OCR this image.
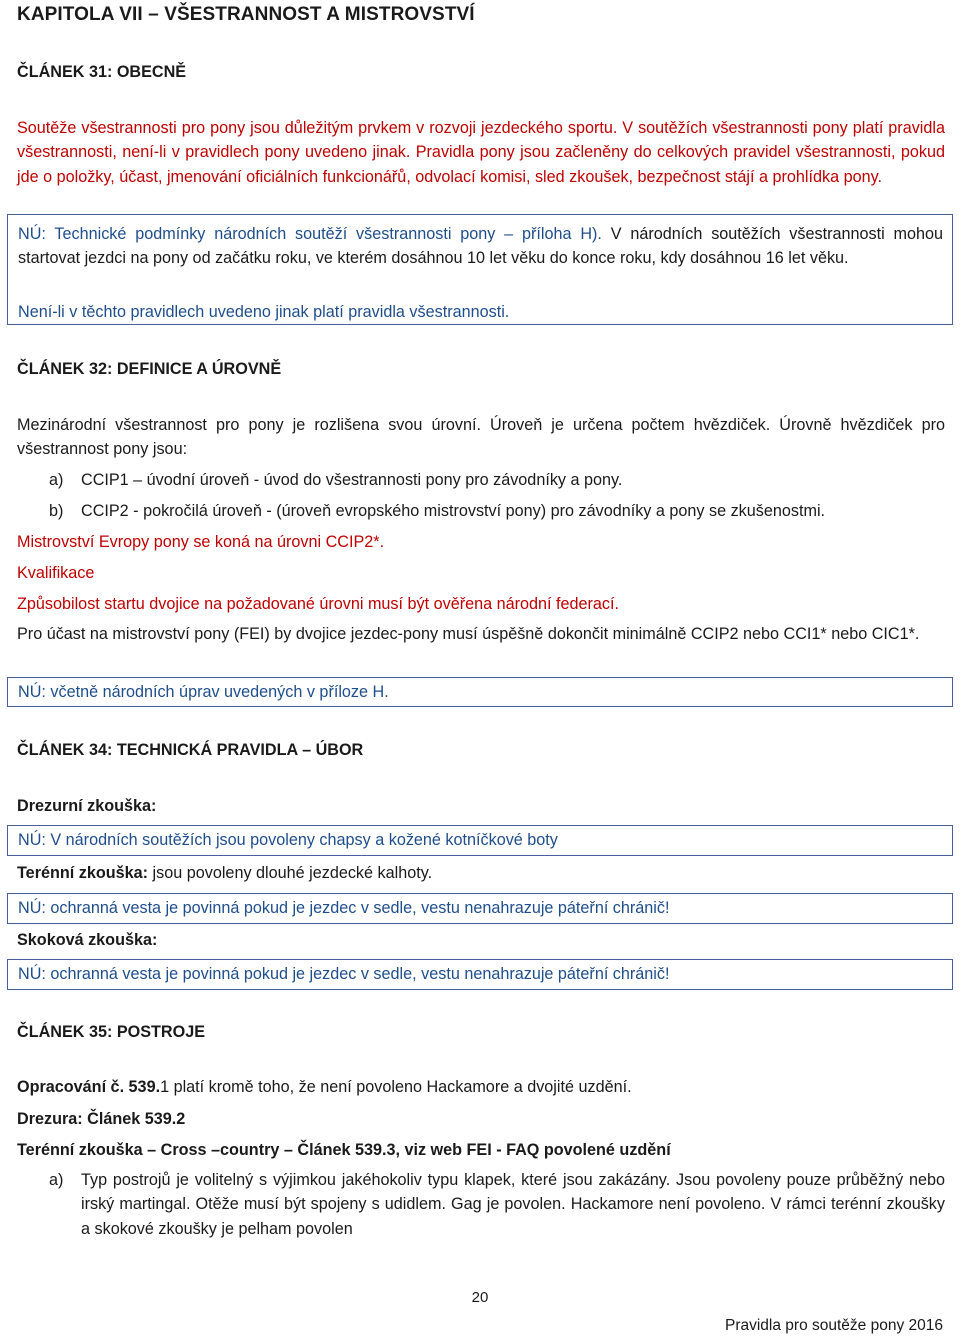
KAPITOLA VII – VŠESTRANNOST A MISTROVSTVÍ
ČLÁNEK 31: OBECNĚ
Soutěže všestrannosti pro pony jsou důležitým prvkem v rozvoji jezdeckého sportu. V soutěžích všestrannosti pony platí pravidla všestrannosti, není-li v pravidlech pony uvedeno jinak. Pravidla pony jsou začleněny do celkových pravidel všestrannosti, pokud jde o položky, účast, jmenování oficiálních funkcionářů, odvolací komisi, sled zkoušek, bezpečnost stájí a prohlídka pony.
NÚ: Technické podmínky národních soutěží všestrannosti pony – příloha H). V národních soutěžích všestrannosti mohou startovat jezdci na pony od začátku roku, ve kterém dosáhnou 10 let věku do konce roku, kdy dosáhnou 16 let věku.
Není-li v těchto pravidlech uvedeno jinak platí pravidla všestrannosti.
ČLÁNEK 32: DEFINICE A ÚROVNĚ
Mezinárodní všestrannost pro pony je rozlišena svou úrovní. Úroveň je určena počtem hvězdiček. Úrovně hvězdiček pro všestrannost pony jsou:
a)	CCIP1 – úvodní úroveň - úvod do všestrannosti pony pro závodníky a pony.
b)	CCIP2 - pokročilá úroveň - (úroveň evropského mistrovství pony) pro závodníky a pony se zkušenostmi.
Mistrovství Evropy pony se koná na úrovni CCIP2*.
Kvalifikace
Způsobilost startu dvojice na požadované úrovni musí být ověřena národní federací.
Pro účast na mistrovství pony (FEI) by dvojice jezdec-pony musí úspěšně dokončit minimálně CCIP2 nebo CCI1* nebo CIC1*.
NÚ: včetně národních úprav uvedených v příloze H.
ČLÁNEK 34: TECHNICKÁ PRAVIDLA – ÚBOR
Drezurní zkouška:
NÚ: V národních soutěžích jsou povoleny chapsy a kožené kotníčkové boty
Terénní zkouška: jsou povoleny dlouhé jezdecké kalhoty.
NÚ: ochranná vesta je povinná pokud je jezdec v sedle, vestu nenahrazuje páteřní chránič!
Skoková zkouška:
NÚ: ochranná vesta je povinná pokud je jezdec v sedle, vestu nenahrazuje páteřní chránič!
ČLÁNEK 35: POSTROJE
Opracování č. 539.1 platí kromě toho, že není povoleno Hackamore a dvojité uzdění.
Drezura: Článek 539.2
Terénní zkouška – Cross –country – Článek 539.3, viz web FEI - FAQ povolené uzdění
a)	Typ postrojů je volitelný s výjimkou jakéhokoliv typu klapek, které jsou zakázány. Jsou povoleny pouze průběžný nebo irský martingal. Otěže musí být spojeny s udidlem. Gag je povolen. Hackamore není povoleno. V rámci terénní zkoušky a skokové zkoušky je pelham povolen
20
Pravidla pro soutěže pony 2016
